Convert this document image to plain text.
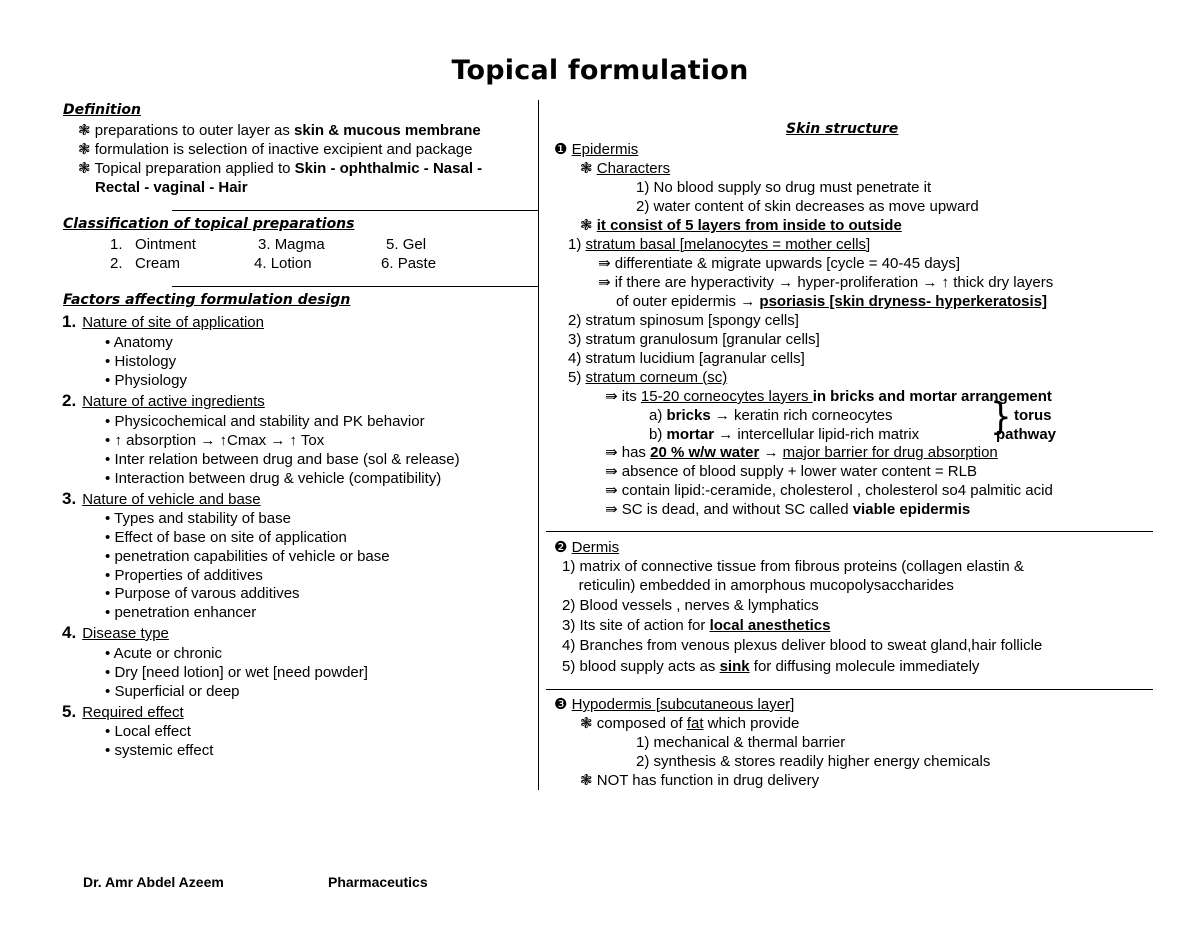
Topical formulation
Definition
❃ preparations to outer layer as skin & mucous membrane
❃ formulation is selection of inactive excipient and package
❃ Topical preparation applied to Skin - ophthalmic - Nasal -
Rectal - vaginal - Hair
Classification of topical preparations
1. Ointment	3. Magma	5. Gel
2. Cream	4. Lotion	6. Paste
Factors affecting formulation design
1. Nature of site of application
• Anatomy
• Histology
• Physiology
2. Nature of active ingredients
• Physicochemical and stability and PK behavior
• ↑ absorption → ↑Cmax → ↑ Tox
• Inter relation between drug and base (sol & release)
• Interaction between drug & vehicle (compatibility)
3. Nature of vehicle and base
• Types and stability of base
• Effect of base on site of application
• penetration capabilities of vehicle or base
• Properties of additives
• Purpose of varous additives
• penetration enhancer
4. Disease type
• Acute or chronic
• Dry [need lotion] or wet [need powder]
• Superficial or deep
5. Required effect
• Local effect
• systemic effect
Skin structure
❶ Epidermis
❃ Characters
1) No blood supply so drug must penetrate it
2) water content of skin decreases as move upward
❃ it consist of 5 layers from inside to outside
1) stratum basal [melanocytes = mother cells]
⇛ differentiate & migrate upwards [cycle = 40-45 days]
⇛ if there are hyperactivity → hyper-proliferation → ↑ thick dry layers
of outer epidermis → psoriasis [skin dryness- hyperkeratosis]
2) stratum spinosum [spongy cells]
3) stratum granulosum [granular cells]
4) stratum lucidium [agranular cells]
5) stratum corneum (sc)
⇛ its 15-20 corneocytes layers in bricks and mortar arrangement
a) bricks → keratin rich corneocytes
b) mortar → intercellular lipid-rich matrix } torus
pathway
⇛ has 20 % w/w water → major barrier for drug absorption
⇛ absence of blood supply + lower water content = RLB
⇛ contain lipid:-ceramide, cholesterol , cholesterol so4 palmitic acid
⇛ SC is dead, and without SC called viable epidermis
❷ Dermis
1) matrix of connective tissue from fibrous proteins (collagen elastin &
reticulin) embedded in amorphous mucopolysaccharides
2) Blood vessels , nerves & lymphatics
3) Its site of action for local anesthetics
4) Branches from venous plexus deliver blood to sweat gland,hair follicle
5) blood supply acts as sink for diffusing molecule immediately
❸ Hypodermis [subcutaneous layer]
❃ composed of fat which provide
1) mechanical & thermal barrier
2) synthesis & stores readily higher energy chemicals
❃ NOT has function in drug delivery
Dr. Amr Abdel Azeem	Pharmaceutics
